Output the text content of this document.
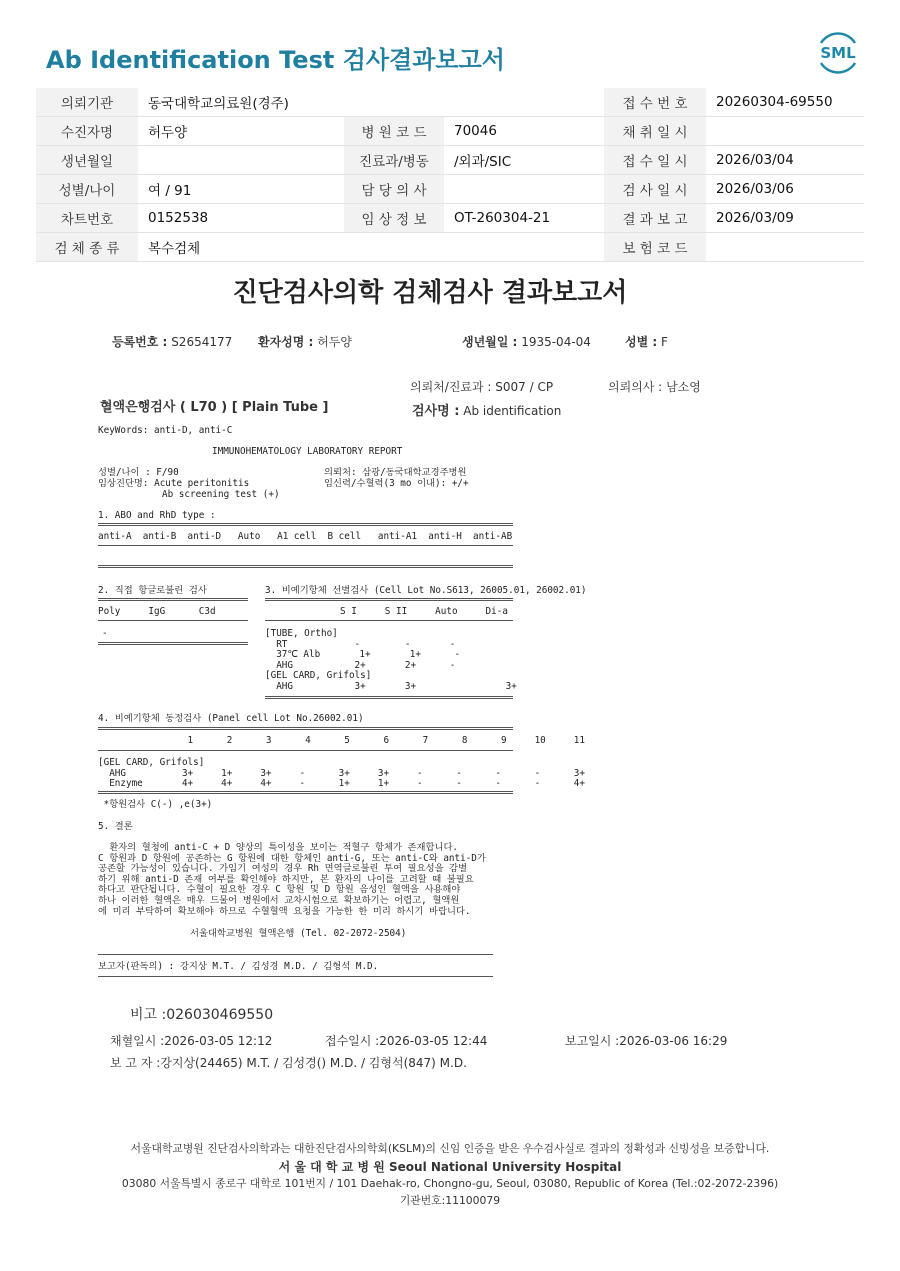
Ab Identification Test 검사결과보고서	SML
의뢰기관	동국대학교의료원(경주)			접 수 번 호	20260304-69550
수진자명	허두양	병 원 코 드	70046	채 취 일 시	
생년월일		진료과/병동	/외과/SIC	접 수 일 시	2026/03/04
성별/나이	여 / 91	담 당 의 사		검 사 일 시	2026/03/06
차트번호	0152538	임 상 정 보	OT-260304-21	결 과 보 고	2026/03/09
검 체 종 류	복수검체			보 험 코 드	
진단검사의학 검체검사 결과보고서
등록번호 : S2654177 환자성명 : 허두양	생년월일 : 1935-04-04	성별 : F
의뢰처/진료과 : S007 / CP	의뢰의사 : 남소영
혈액은행검사 ( L70 ) [ Plain Tube ]	검사명 : Ab identification
KeyWords: anti-D, anti-C
IMMUNOHEMATOLOGY LABORATORY REPORT
성별/나이 : F/90	의뢰처: 삼광/동국대학교경주병원
임상진단명: Acute peritonitis	임신력/수혈력(3 mo 이내): +/+
Ab screening test (+)
1. ABO and RhD type :
anti-A  anti-B  anti-D   Auto   A1 cell  B cell   anti-A1  anti-H  anti-AB
2. 직접 항글로불린 검사	3. 비예기항체 선별검사 (Cell Lot No.S613, 26005.01, 26002.01)
Poly     IgG      C3d	S I     S II     Auto     Di-a
-	[TUBE, Ortho]
RT            -        -       -
37℃ Alb       1+       1+      -
AHG           2+       2+      -
[GEL CARD, Grifols]
AHG           3+       3+                3+
4. 비예기항체 동정검사 (Panel cell Lot No.26002.01)
1      2      3      4      5      6      7      8      9     10     11
[GEL CARD, Grifols]
AHG          3+     1+     3+     -      3+     3+     -      -      -      -      3+
Enzyme       4+     4+     4+     -      1+     1+     -      -      -      -      4+
*항원검사 C(-) ,e(3+)
5. 결론
환자의 혈청에 anti-C + D 양상의 특이성을 보이는 적혈구 항체가 존재합니다.
C 항원과 D 항원에 공존하는 G 항원에 대한 항체인 anti-G, 또는 anti-C와 anti-D가
공존할 가능성이 있습니다. 가임기 여성의 경우 Rh 면역글로불린 투여 필요성을 감별
하기 위해 anti-D 존재 여부를 확인해야 하지만, 본 환자의 나이를 고려할 때 불필요
하다고 판단됩니다. 수혈이 필요한 경우 C 항원 및 D 항원 음성인 혈액을 사용해야
하나 이러한 혈액은 매우 드물어 병원에서 교차시험으로 확보하기는 어렵고, 혈액원
에 미리 부탁하여 확보해야 하므로 수혈혈액 요청을 가능한 한 미리 하시기 바랍니다.
서울대학교병원 혈액은행 (Tel. 02-2072-2504)
보고자(판독의) : 강지상 M.T. / 김성경 M.D. / 김형석 M.D.
비고 :026030469550
채혈일시 :2026-03-05 12:12	접수일시 :2026-03-05 12:44	보고일시 :2026-03-06 16:29
보 고 자 :강지상(24465) M.T. / 김성경() M.D. / 김형석(847) M.D.
서울대학교병원 진단검사의학과는 대한진단검사의학회(KSLM)의 신임 인증을 받은 우수검사실로 결과의 정확성과 신빙성을 보증합니다.
서 울 대 학 교 병 원 Seoul National University Hospital
03080 서울특별시 종로구 대학로 101번지 / 101 Daehak-ro, Chongno-gu, Seoul, 03080, Republic of Korea (Tel.:02-2072-2396)
기관번호:11100079
